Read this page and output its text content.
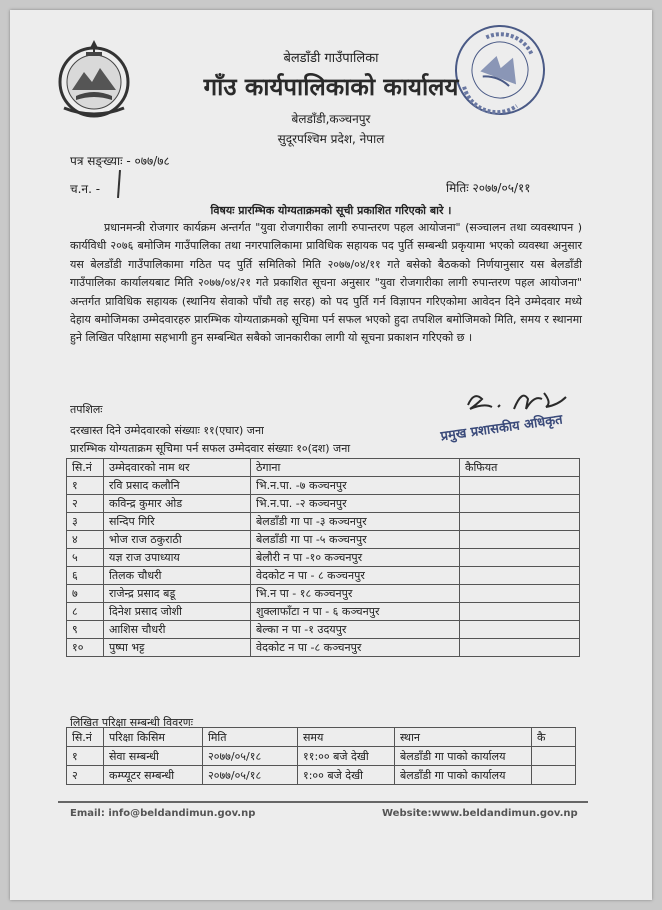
बेलडाँडी गाउँपालिका
गाँउ कार्यपालिकाको कार्यालय
बेलडाँडी,कञ्चनपुर
सुदूरपश्चिम प्रदेश, नेपाल
पत्र सङ्ख्याः - ०७७/७८
च.न. -	मितिः २०७७/०५/११
विषयः प्रारम्भिक योग्यताक्रमको सूची प्रकाशित गरिएको बारे ।
प्रधानमन्त्री रोजगार कार्यक्रम अन्तर्गत "युवा रोजगारीका लागी रुपान्तरण पहल आयोजना" (सञ्चालन तथा व्यवस्थापन ) कार्यविधी २०७६ बमोजिम गाउँपालिका तथा नगरपालिकामा प्राविधिक सहायक पद पुर्ति सम्बन्धी प्रकृयामा भएको व्यवस्था अनुसार यस बेलडाँडी गाउँपालिकामा गठित पद पुर्ति समितिको मिति २०७७/०४/११ गते बसेको बैठकको निर्णयानुसार यस बेलडाँडी गाउँपालिका कार्यालयबाट मिति २०७७/०४/२१ गते प्रकाशित सूचना अनुसार "युवा रोजगारीका लागी रुपान्तरण पहल आयोजना" अन्तर्गत प्राविधिक सहायक (स्थानिय सेवाको पाँचौ तह सरह) को पद पुर्ति गर्न विज्ञापन गरिएकोमा आवेदन दिने उम्मेदवार मध्ये देहाय बमोजिमका उम्मेदवारहरु प्रारम्भिक योग्यताक्रमको सूचिमा पर्न सफल भएको हुदा तपशिल बमोजिमको मिति, समय र स्थानमा हुने लिखित परिक्षामा सहभागी हुन सम्बन्धित सबैको जानकारीका लागी यो सूचना प्रकाशन गरिएको छ ।
तपशिलः
प्रमुख प्रशासकीय अधिकृत
दरखास्त दिने उम्मेदवारको संख्याः ११(एघार) जना
प्रारम्भिक योग्यताक्रम सूचिमा पर्न सफल उम्मेदवार संख्याः १०(दश) जना
सि.नं	उम्मेदवारको नाम थर	ठेगाना	कैफियत
१	रवि प्रसाद कलौनि	भि.न.पा. -७ कञ्चनपुर	
२	कविन्द्र कुमार ओड	भि.न.पा. -२ कञ्चनपुर	
३	सन्दिप गिरि	बेलडाँडी गा पा -३ कञ्चनपुर	
४	भोज राज ठकुराठी	बेलडाँडी गा पा -५ कञ्चनपुर	
५	यज्ञ राज उपाध्याय	बेलौरी न पा -१० कञ्चनपुर	
६	तिलक चौधरी	वेदकोट न पा - ८ कञ्चनपुर	
७	राजेन्द्र प्रसाद बडू	भि.न पा - १८ कञ्चनपुर	
८	दिनेश प्रसाद जोशी	शुक्लाफाँटा न पा - ६ कञ्चनपुर	
९	आशिस चौधरी	बेल्का न पा -१ उदयपुर	
१०	पुष्पा भट्ट	वेदकोट न पा -८ कञ्चनपुर	
लिखित परिक्षा सम्बन्धी विवरणः
सि.नं	परिक्षा किसिम	मिति	समय	स्थान	कै
१	सेवा सम्बन्धी	२०७७/०५/१८	११:०० बजे देखी	बेलडाँडी गा पाको कार्यालय	
२	कम्प्यूटर सम्बन्धी	२०७७/०५/१८	१:०० बजे देखी	बेलडाँडी गा पाको कार्यालय	
Email: info@beldandimun.gov.np	Website:www.beldandimun.gov.np
